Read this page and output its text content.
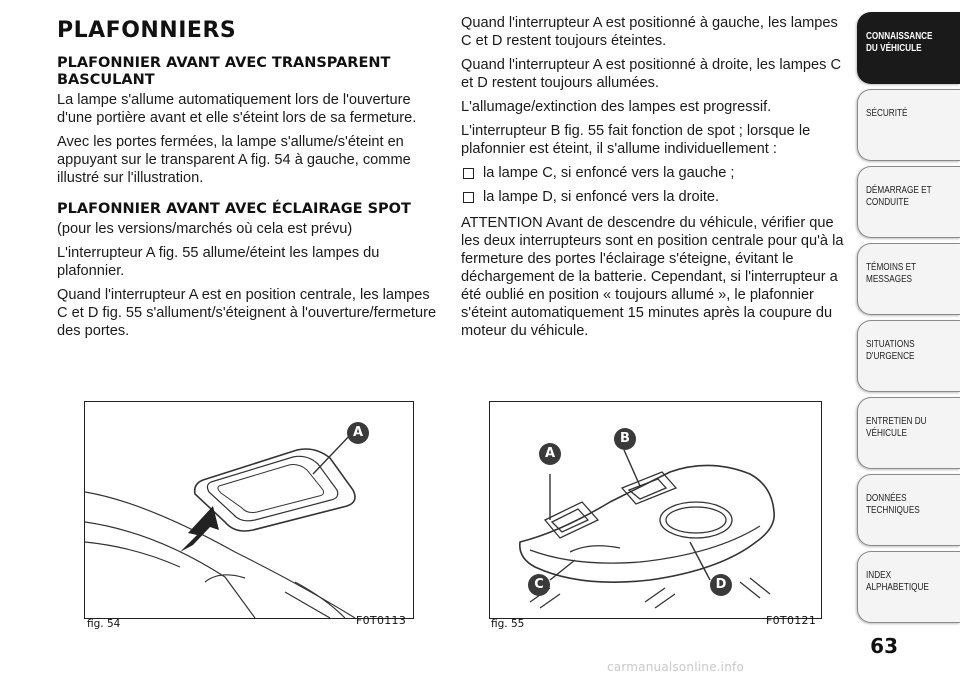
PLAFONNIERS
PLAFONNIER AVANT AVEC TRANSPARENT BASCULANT

La lampe s'allume automatiquement lors de l'ouverture d'une portière avant et elle s'éteint lors de sa fermeture.

Avec les portes fermées, la lampe s'allume/s'éteint en appuyant sur le transparent A fig. 54 à gauche, comme illustré sur l'illustration.

PLAFONNIER AVANT AVEC ÉCLAIRAGE SPOT

(pour les versions/marchés où cela est prévu)

L'interrupteur A fig. 55 allume/éteint les lampes du plafonnier.

Quand l'interrupteur A est en position centrale, les lampes C et D fig. 55 s'allument/s'éteignent à l'ouverture/fermeture des portes.

Quand l'interrupteur A est positionné à gauche, les lampes C et D restent toujours éteintes.

Quand l'interrupteur A est positionné à droite, les lampes C et D restent toujours allumées.

L'allumage/extinction des lampes est progressif.

L'interrupteur B fig. 55 fait fonction de spot ; lorsque le plafonnier est éteint, il s'allume individuellement :

la lampe C, si enfoncé vers la gauche ;
la lampe D, si enfoncé vers la droite.

ATTENTION Avant de descendre du véhicule, vérifier que les deux interrupteurs sont en position centrale pour qu'à la fermeture des portes l'éclairage s'éteigne, évitant le déchargement de la batterie. Cependant, si l'interrupteur a été oublié en position « toujours allumé », le plafonnier s'éteint automatiquement 15 minutes après la coupure du moteur du véhicule.

A
fig. 54	F0T0113
A
B
C	D
fig. 55	F0T0121
CONNAISSANCE
DU VÉHICULE
SÉCURITÉ
DÉMARRAGE ET
CONDUITE
TÉMOINS ET
MESSAGES
SITUATIONS
D'URGENCE
ENTRETIEN DU
VÉHICULE
DONNÉES
TECHNIQUES
INDEX
ALPHABETIQUE
63
carmanualsonline.info
